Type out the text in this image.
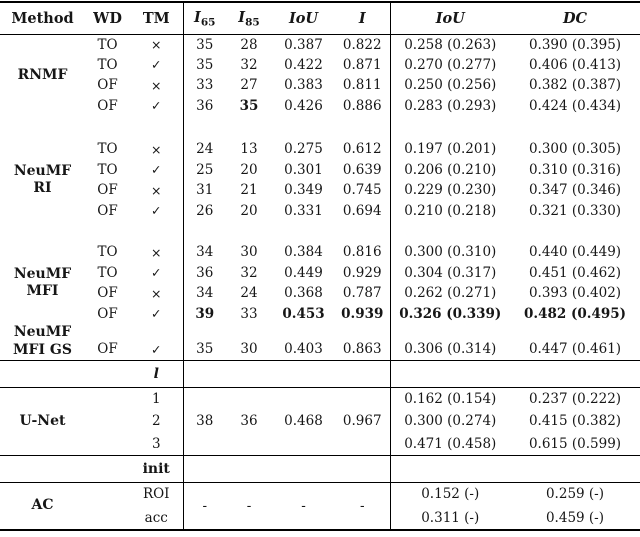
Method	WD	TM	$I_{65}$	$I_{85}$	IoU	I	IoU	DC
RNMF	TO	×	35	28	0.387	0.822	0.258 (0.263)	0.390 (0.395)
	TO	✓	35	32	0.422	0.871	0.270 (0.277)	0.406 (0.413)
	OF	×	33	27	0.383	0.811	0.250 (0.256)	0.382 (0.387)
	OF	✓	36	35	0.426	0.886	0.283 (0.293)	0.424 (0.434)

NeuMF
RI	TO	×	24	13	0.275	0.612	0.197 (0.201)	0.300 (0.305)
	TO	✓	25	20	0.301	0.639	0.206 (0.210)	0.310 (0.316)
	OF	×	31	21	0.349	0.745	0.229 (0.230)	0.347 (0.346)
	OF	✓	26	20	0.331	0.694	0.210 (0.218)	0.321 (0.330)

NeuMF
MFI	TO	×	34	30	0.384	0.816	0.300 (0.310)	0.440 (0.449)
	TO	✓	36	32	0.449	0.929	0.304 (0.317)	0.451 (0.462)
	OF	×	34	24	0.368	0.787	0.262 (0.271)	0.393 (0.402)
	OF	✓	39	33	0.453	0.939	0.326 (0.339)	0.482 (0.495)
NeuMF
MFI GS	OF	✓	35	30	0.403	0.863	0.306 (0.314)	0.447 (0.461)
		l						
U-Net		1					0.162 (0.154)	0.237 (0.222)
		2	38	36	0.468	0.967	0.300 (0.274)	0.415 (0.382)
		3					0.471 (0.458)	0.615 (0.599)
		init						
AC		ROI	-	-	-	-	0.152 (-)	0.259 (-)
		acc					0.311 (-)	0.459 (-)
